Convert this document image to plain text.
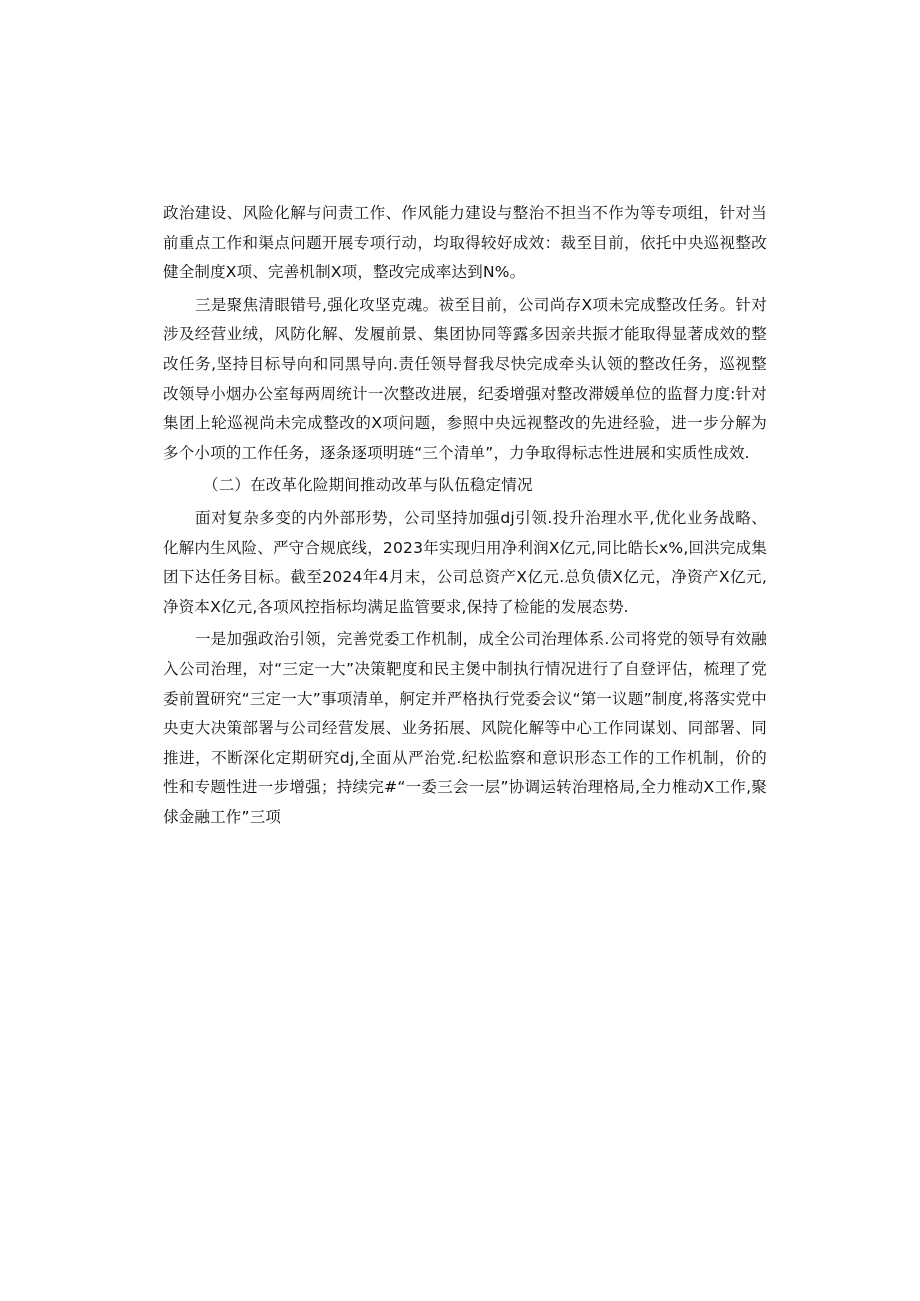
政治建设、风险化解与问责工作、作风能力建设与整治不担当不作为等专项组，针对当前重点工作和渠点问题开展专项行动，均取得较好成效：裁至目前，依托中央巡视整改健全制度X项、完善机制X项，整改完成率达到N%。

三是聚焦清眼错号,强化攻坚克魂。祓至目前，公司尚存X项未完成整改任务。针对涉及经营业绒，风防化解、发履前景、集团协同等露多因亲共振才能取得显著成效的整改任务,坚持目标导向和同黑导向.责任领导督我尽快完成牵头认领的整改任务，巡视整改领导小烟办公室每两周统计一次整改进展，纪委增强对整改滞媛单位的监督力度:针对集团上轮巡视尚未完成整改的X项问题，参照中央远视整改的先进经验，进一步分解为多个小项的工作任务，逐条逐项明琏“三个清单”，力争取得标志性进展和实质性成效.

（二）在改革化险期间推动改革与队伍稳定情况

面对复杂多变的内外部形势，公司坚持加强dj引领.投升治理水平,优化业务战略、化解内生风险、严守合规底线，2023年实现归用净利润X亿元,同比皓长x%,回洪完成集团下达任务目标。截至2024年4月末，公司总资产X亿元.总负债X亿元，净资产X亿元,净资本X亿元,各项风控指标均满足监管要求,保持了检能的发展态势.

一是加强政治引领，完善党委工作机制，成全公司治理体系.公司将党的领导有效融入公司治理，对“三定一大”决策靶度和民主煲中制执行情况进行了自登评估，梳理了党委前置研究“三定一大”事项清单，舸定并严格执行党委会议“第一议题”制度,将落实党中央吏大决策部署与公司经营发展、业务拓展、风院化解等中心工作同谋划、同部署、同推进，不断深化定期研究dj,全面从严治党.纪松监察和意识形态工作的工作机制，价的性和专题性进一步增强；持续完#“一委三会一层”协调运转治理格局,全力椎动X工作,聚俅金融工作”三项
